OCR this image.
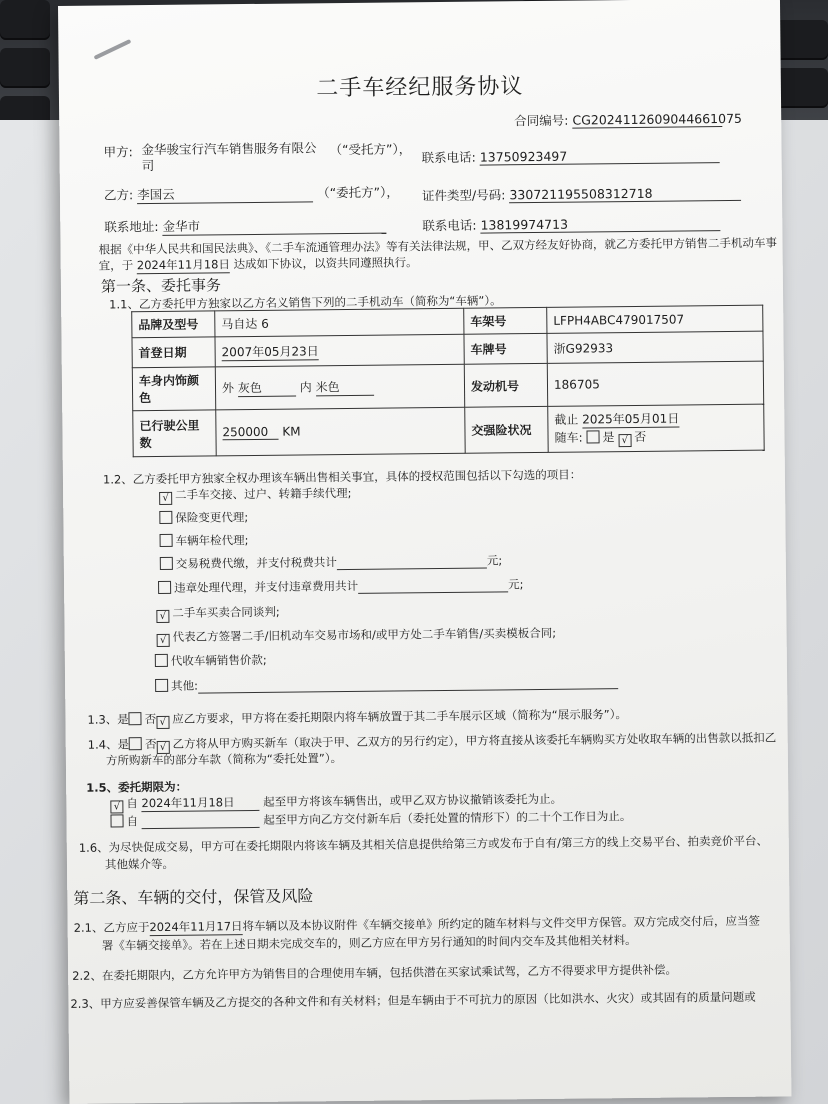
二手车经纪服务协议
合同编号: CG2024112609044661075
甲方: 金华骏宝行汽车销售服务有限公司
（“受托方”），
联系电话: 13750923497
乙方: 李国云	（“委托方”）， 证件类型/号码: 330721195508312718
联系地址: 金华市	联系电话: 13819974713
根据《中华人民共和国民法典》、《二手车流通管理办法》等有关法律法规，甲、乙双方经友好协商，就乙方委托甲方销售二手机动车事
宜，于 2024年11月18日 达成如下协议，以资共同遵照执行。
第一条、委托事务
1.1、乙方委托甲方独家以乙方名义销售下列的二手机动车（简称为“车辆”）。
品牌及型号	马自达 6	车架号	LFPH4ABC479017507
首登日期	2007年05月23日	车牌号	浙G92933
车身内饰颜色	外 灰色 内 米色	发动机号	186705
已行驶公里数	250000 KM	交强险状况	截止 2025年05月01日
随车: 是 √ 否
1.2、乙方委托甲方独家全权办理该车辆出售相关事宜，具体的授权范围包括以下勾选的项目：
√ 二手车交接、过户、转籍手续代理;
保险变更代理;
车辆年检代理;
交易税费代缴，并支付税费共计	元;
违章处理代理，并支付违章费用共计	元;
√ 二手车买卖合同谈判;
√ 代表乙方签署二手/旧机动车交易市场和/或甲方处二手车销售/买卖模板合同;
代收车辆销售价款;
其他:
1.3、是 否 √ 应乙方要求，甲方将在委托期限内将车辆放置于其二手车展示区域（简称为“展示服务”）。
1.4、是 否 √ 乙方将从甲方购买新车（取决于甲、乙双方的另行约定），甲方将直接从该委托车辆购买方处收取车辆的出售款以抵扣乙
方所购新车的部分车款（简称为“委托处置”）。
1.5、委托期限为：
√ 自 2024年11月18日 起至甲方将该车辆售出，或甲乙双方协议撤销该委托为止。
自	起至甲方向乙方交付新车后（委托处置的情形下）的二十个工作日为止。
1.6、为尽快促成交易，甲方可在委托期限内将该车辆及其相关信息提供给第三方或发布于自有/第三方的线上交易平台、拍卖竞价平台、
其他媒介等。
第二条、车辆的交付，保管及风险
2.1、乙方应于2024年11月17日将车辆以及本协议附件《车辆交接单》所约定的随车材料与文件交甲方保管。双方完成交付后，应当签
署《车辆交接单》。若在上述日期未完成交车的，则乙方应在甲方另行通知的时间内交车及其他相关材料。
2.2、在委托期限内，乙方允许甲方为销售目的合理使用车辆，包括供潜在买家试乘试驾，乙方不得要求甲方提供补偿。
2.3、甲方应妥善保管车辆及乙方提交的各种文件和有关材料；但是车辆由于不可抗力的原因（比如洪水、火灾）或其固有的质量问题或
